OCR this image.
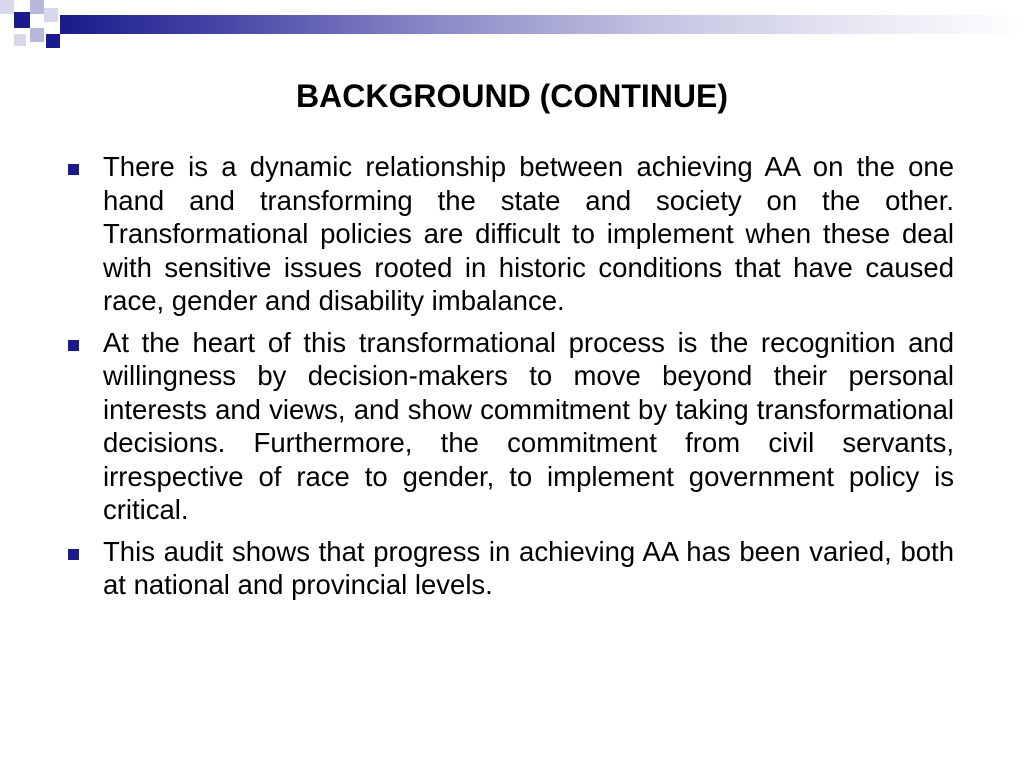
BACKGROUND (CONTINUE)
There is a dynamic relationship between achieving AA on the one hand and transforming the state and society on the other. Transformational policies are difficult to implement when these deal with sensitive issues rooted in historic conditions that have caused race, gender and disability imbalance.
At the heart of this transformational process is the recognition and willingness by decision-makers to move beyond their personal interests and views, and show commitment by taking transformational decisions. Furthermore, the commitment from civil servants, irrespective of race to gender, to implement government policy is critical.
This audit shows that progress in achieving AA has been varied, both at national and provincial levels.
